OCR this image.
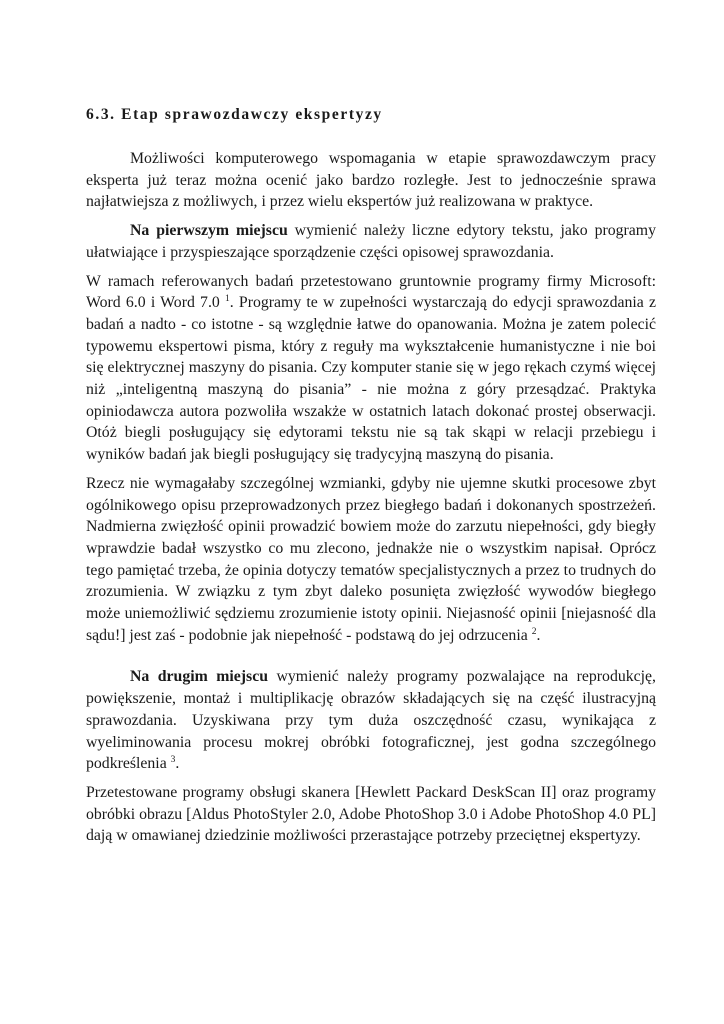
6.3. Etap sprawozdawczy ekspertyzy

Możliwości komputerowego wspomagania w etapie sprawozdawczym pracy eksperta już teraz można ocenić jako bardzo rozległe. Jest to jednocześnie sprawa najłatwiejsza z możliwych, i przez wielu ekspertów już realizowana w praktyce.

Na pierwszym miejscu wymienić należy liczne edytory tekstu, jako programy ułatwiające i przyspieszające sporządzenie części opisowej sprawozdania.

W ramach referowanych badań przetestowano gruntownie programy firmy Microsoft: Word 6.0 i Word 7.0 $^1$. Programy te w zupełności wystarczają do edycji sprawozdania z badań a nadto - co istotne - są względnie łatwe do opanowania. Można je zatem polecić typowemu ekspertowi pisma, który z reguły ma wykształcenie humanistyczne i nie boi się elektrycznej maszyny do pisania. Czy komputer stanie się w jego rękach czymś więcej niż „inteligentną maszyną do pisania” - nie można z góry przesądzać. Praktyka opiniodawcza autora pozwoliła wszakże w ostatnich latach dokonać prostej obserwacji. Otóż biegli posługujący się edytorami tekstu nie są tak skąpi w relacji przebiegu i wyników badań jak biegli posługujący się tradycyjną maszyną do pisania.

Rzecz nie wymagałaby szczególnej wzmianki, gdyby nie ujemne skutki procesowe zbyt ogólnikowego opisu przeprowadzonych przez biegłego badań i dokonanych spostrzeżeń. Nadmierna zwięzłość opinii prowadzić bowiem może do zarzutu niepełności, gdy biegły wprawdzie badał wszystko co mu zlecono, jednakże nie o wszystkim napisał. Oprócz tego pamiętać trzeba, że opinia dotyczy tematów specjalistycznych a przez to trudnych do zrozumienia. W związku z tym zbyt daleko posunięta zwięzłość wywodów biegłego może uniemożliwić sędziemu zrozumienie istoty opinii. Niejasność opinii [niejasność dla sądu!] jest zaś - podobnie jak niepełność - podstawą do jej odrzucenia $^2$.

Na drugim miejscu wymienić należy programy pozwalające na reprodukcję, powiększenie, montaż i multiplikację obrazów składających się na część ilustracyjną sprawozdania. Uzyskiwana przy tym duża oszczędność czasu, wynikająca z wyeliminowania procesu mokrej obróbki fotograficznej, jest godna szczególnego podkreślenia $^3$.

Przetestowane programy obsługi skanera [Hewlett Packard DeskScan II] oraz programy obróbki obrazu [Aldus PhotoStyler 2.0, Adobe PhotoShop 3.0 i Adobe PhotoShop 4.0 PL] dają w omawianej dziedzinie możliwości przerastające potrzeby przeciętnej ekspertyzy.
